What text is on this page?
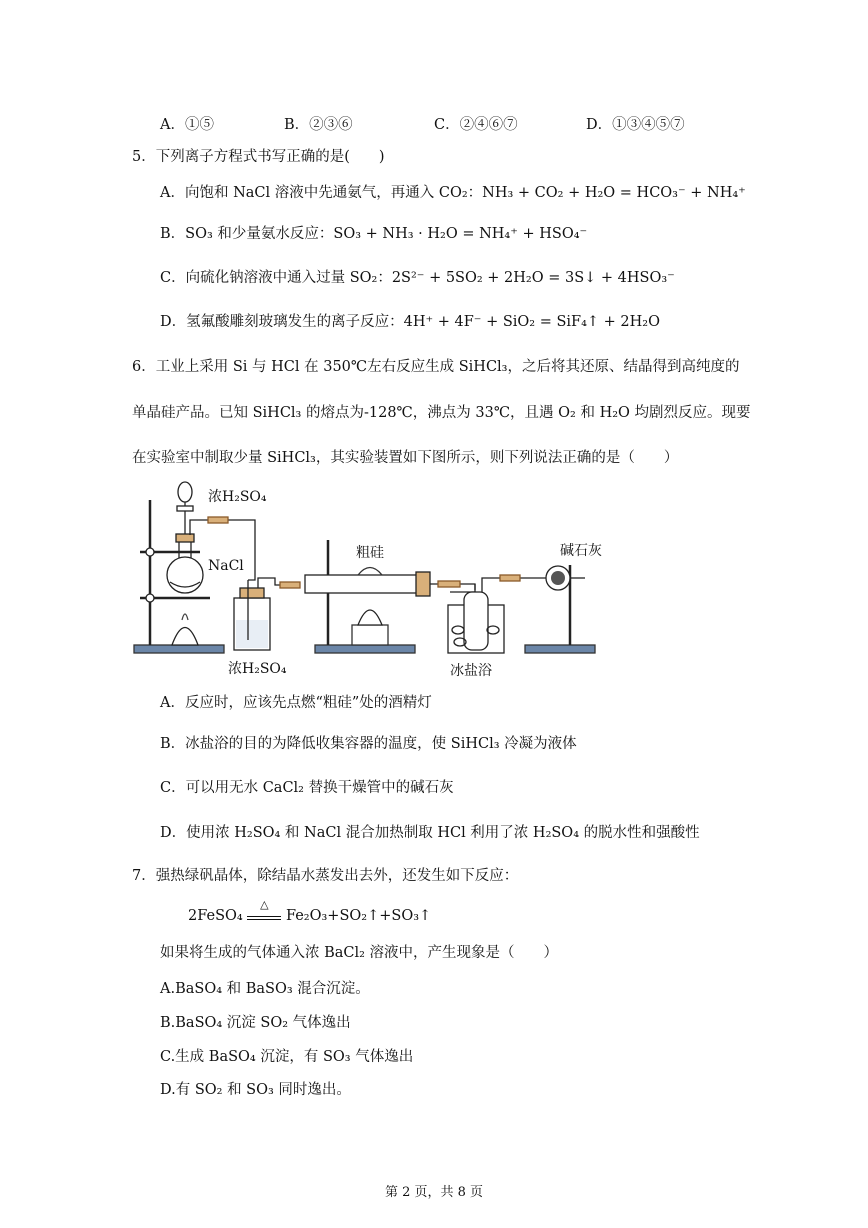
A．①⑤	B．②③⑥	C．②④⑥⑦	D．①③④⑤⑦
5．下列离子方程式书写正确的是(　　)
A．向饱和 NaCl 溶液中先通氨气，再通入 CO₂：NH₃ + CO₂ + H₂O = HCO₃⁻ + NH₄⁺
B．SO₃ 和少量氨水反应：SO₃ + NH₃ · H₂O = NH₄⁺ + HSO₄⁻
C．向硫化钠溶液中通入过量 SO₂：2S²⁻ + 5SO₂ + 2H₂O = 3S↓ + 4HSO₃⁻
D．氢氟酸雕刻玻璃发生的离子反应：4H⁺ + 4F⁻ + SiO₂ = SiF₄↑ + 2H₂O
6．工业上采用 Si 与 HCl 在 350℃左右反应生成 SiHCl₃，之后将其还原、结晶得到高纯度的
单晶硅产品。已知 SiHCl₃ 的熔点为-128℃，沸点为 33℃，且遇 O₂ 和 H₂O 均剧烈反应。现要
在实验室中制取少量 SiHCl₃，其实验装置如下图所示，则下列说法正确的是（　　）
浓H₂SO₄
NaCl
浓H₂SO₄
粗硅
冰盐浴
碱石灰
A．反应时，应该先点燃“粗硅”处的酒精灯
B．冰盐浴的目的为降低收集容器的温度，使 SiHCl₃ 冷凝为液体
C．可以用无水 CaCl₂ 替换干燥管中的碱石灰
D．使用浓 H₂SO₄ 和 NaCl 混合加热制取 HCl 利用了浓 H₂SO₄ 的脱水性和强酸性
7．强热绿矾晶体，除结晶水蒸发出去外，还发生如下反应：
2FeSO₄
△
Fe₂O₃+SO₂↑+SO₃↑
如果将生成的气体通入浓 BaCl₂ 溶液中，产生现象是（　　）
A.BaSO₄ 和 BaSO₃ 混合沉淀。
B.BaSO₄ 沉淀 SO₂ 气体逸出
C.生成 BaSO₄ 沉淀，有 SO₃ 气体逸出
D.有 SO₂ 和 SO₃ 同时逸出。
第 2 页，共 8 页
